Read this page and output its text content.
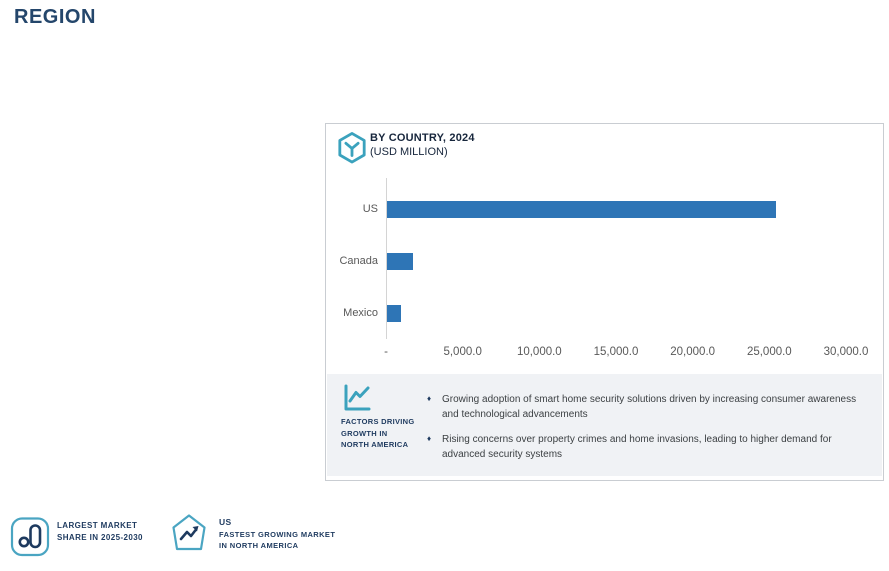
REGION
BY COUNTRY, 2024
(USD MILLION)
US
Canada
Mexico
-	5,000.0	10,000.0	15,000.0	20,000.0	25,000.0	30,000.0
FACTORS DRIVING
GROWTH IN
NORTH AMERICA
♦ Growing adoption of smart home security solutions driven by increasing consumer awareness and technological advancements
♦ Rising concerns over property crimes and home invasions, leading to higher demand for advanced security systems
LARGEST MARKET
SHARE IN 2025-2030
US
FASTEST GROWING MARKET
IN NORTH AMERICA
